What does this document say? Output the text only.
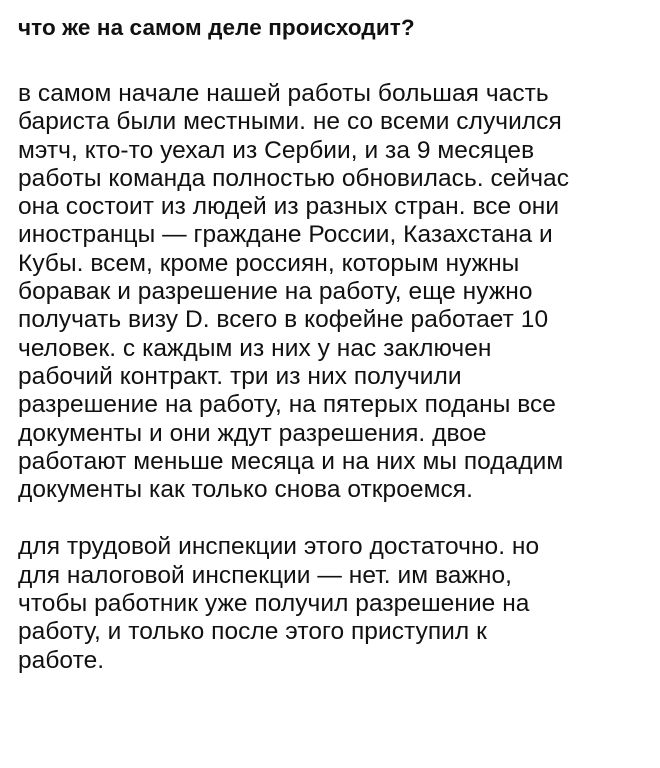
что же на самом деле происходит?

в самом начале нашей работы большая часть
бариста были местными. не со всеми случился
мэтч, кто-то уехал из Сербии, и за 9 месяцев
работы команда полностью обновилась. сейчас
она состоит из людей из разных стран. все они
иностранцы — граждане России, Казахстана и
Кубы. всем, кроме россиян, которым нужны
боравак и разрешение на работу, еще нужно
получать визу D. всего в кофейне работает 10
человек. с каждым из них у нас заключен
рабочий контракт. три из них получили
разрешение на работу, на пятерых поданы все
документы и они ждут разрешения. двое
работают меньше месяца и на них мы подадим
документы как только снова откроемся.

для трудовой инспекции этого достаточно. но
для налоговой инспекции — нет. им важно,
чтобы работник уже получил разрешение на
работу, и только после этого приступил к
работе.
